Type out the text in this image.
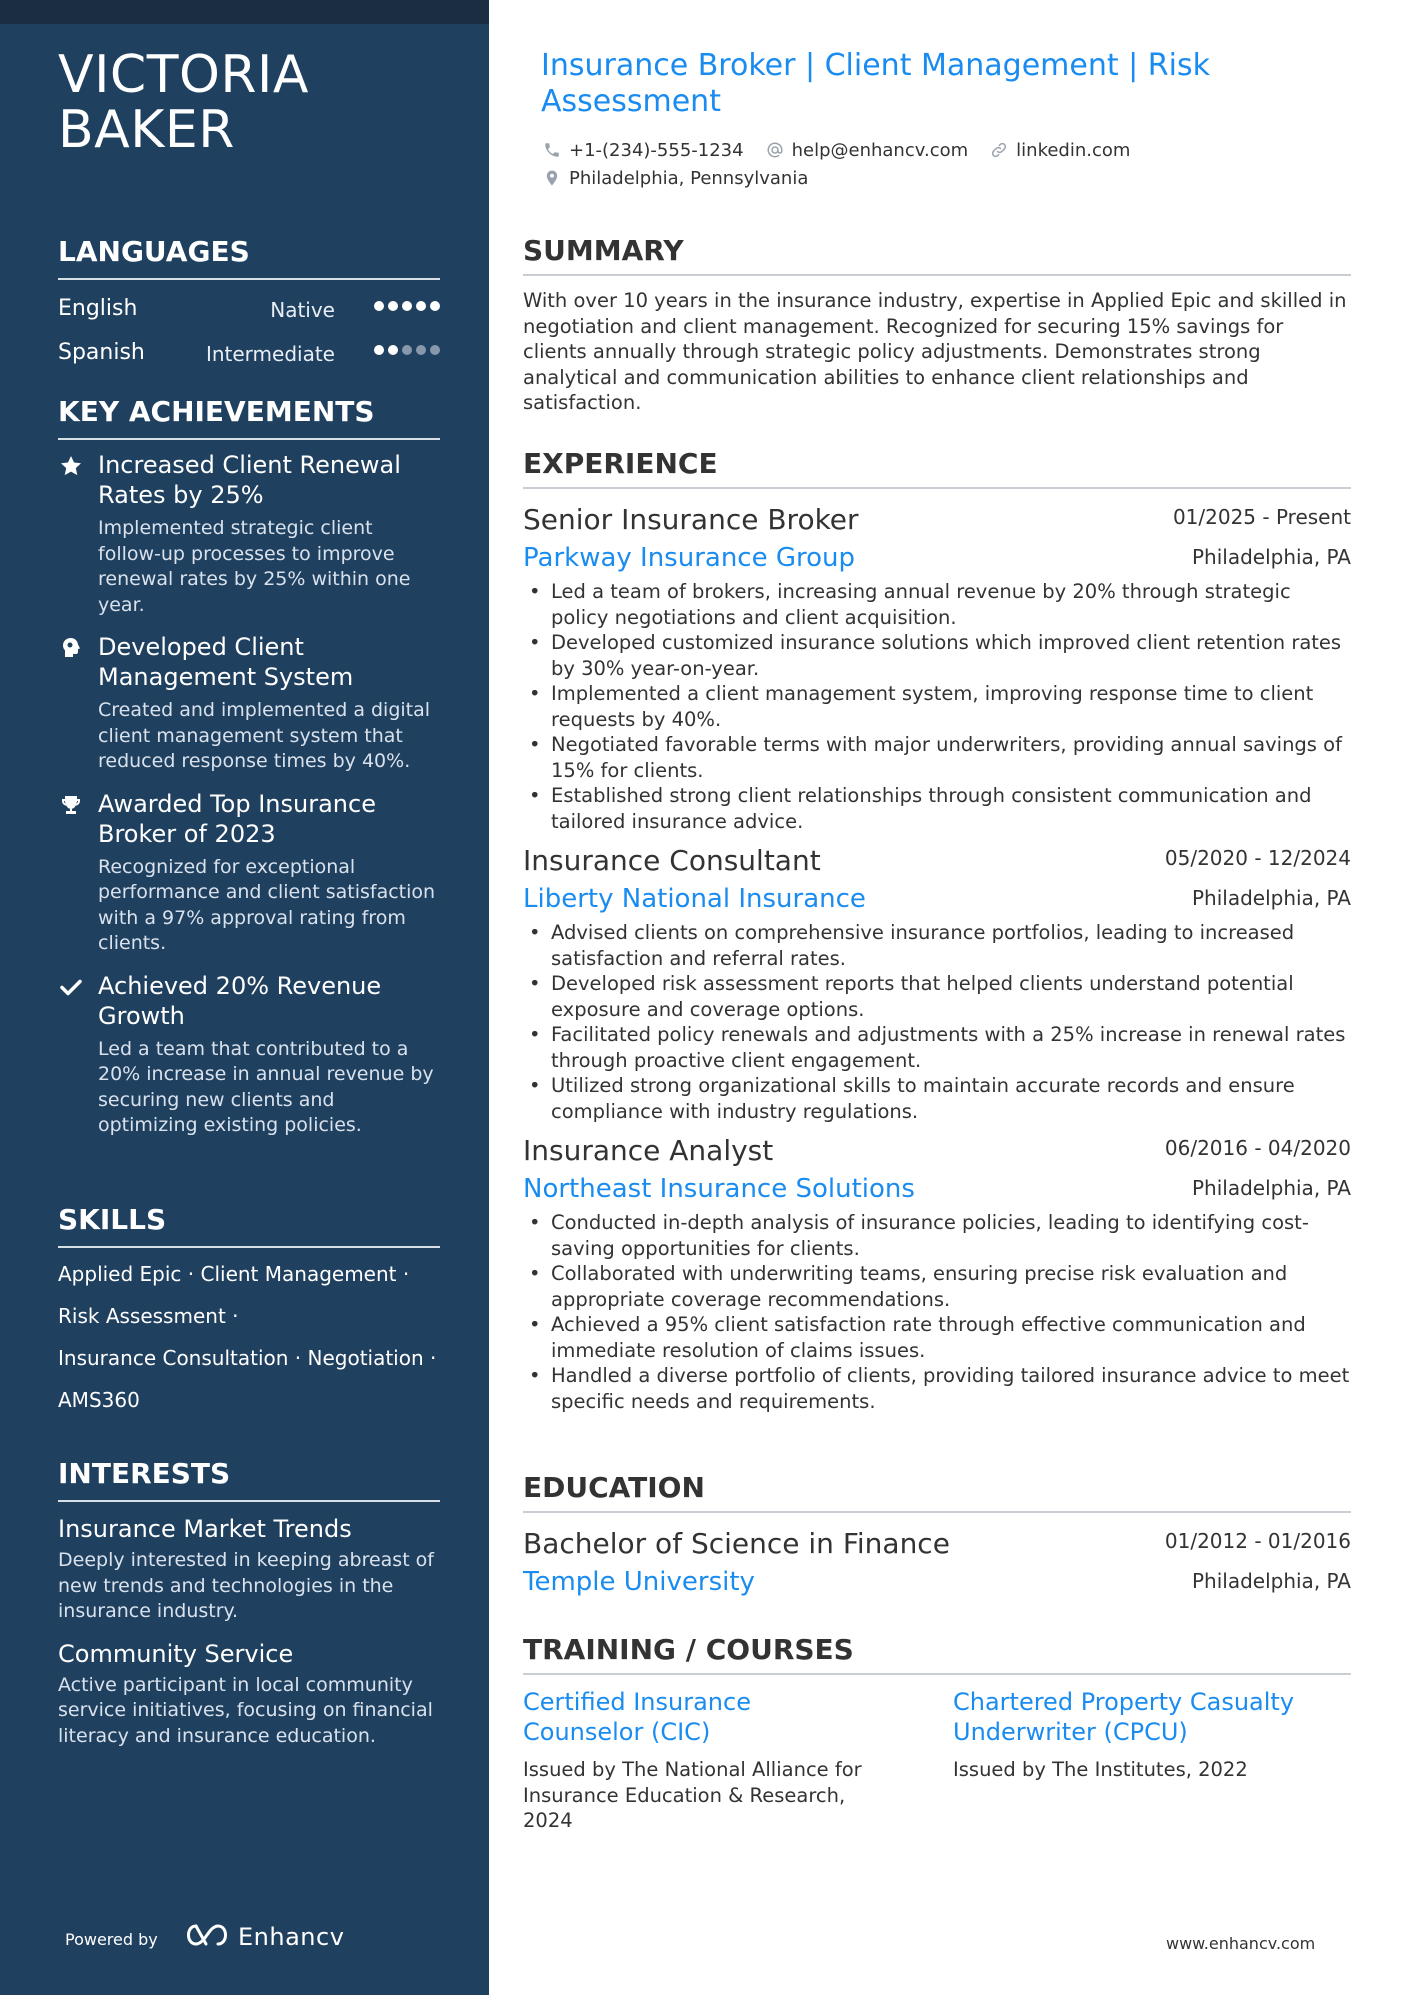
VICTORIA
BAKER
LANGUAGES
English	Native
Spanish	Intermediate
KEY ACHIEVEMENTS
Increased Client Renewal Rates by 25%
Implemented strategic client follow-up processes to improve renewal rates by 25% within one year.
Developed Client Management System
Created and implemented a digital client management system that reduced response times by 40%.
Awarded Top Insurance Broker of 2023
Recognized for exceptional performance and client satisfaction with a 97% approval rating from clients.
Achieved 20% Revenue Growth
Led a team that contributed to a 20% increase in annual revenue by securing new clients and optimizing existing policies.
SKILLS
Applied Epic · Client Management ·
Risk Assessment ·
Insurance Consultation · Negotiation ·
AMS360
INTERESTS
Insurance Market Trends
Deeply interested in keeping abreast of new trends and technologies in the insurance industry.
Community Service
Active participant in local community service initiatives, focusing on financial literacy and insurance education.
Powered by	Enhancv
Insurance Broker | Client Management | Risk
Assessment
+1-(234)-555-1234	help@enhancv.com	linkedin.com
Philadelphia, Pennsylvania
SUMMARY

With over 10 years in the insurance industry, expertise in Applied Epic and skilled in negotiation and client management. Recognized for securing 15% savings for clients annually through strategic policy adjustments. Demonstrates strong analytical and communication abilities to enhance client relationships and satisfaction.

EXPERIENCE
Senior Insurance Broker	01/2025 - Present
Parkway Insurance Group	Philadelphia, PA
• Led a team of brokers, increasing annual revenue by 20% through strategic policy negotiations and client acquisition.
• Developed customized insurance solutions which improved client retention rates by 30% year-on-year.
• Implemented a client management system, improving response time to client requests by 40%.
• Negotiated favorable terms with major underwriters, providing annual savings of 15% for clients.
• Established strong client relationships through consistent communication and tailored insurance advice.
Insurance Consultant	05/2020 - 12/2024
Liberty National Insurance	Philadelphia, PA
• Advised clients on comprehensive insurance portfolios, leading to increased satisfaction and referral rates.
• Developed risk assessment reports that helped clients understand potential exposure and coverage options.
• Facilitated policy renewals and adjustments with a 25% increase in renewal rates through proactive client engagement.
• Utilized strong organizational skills to maintain accurate records and ensure compliance with industry regulations.
Insurance Analyst	06/2016 - 04/2020
Northeast Insurance Solutions	Philadelphia, PA
• Conducted in-depth analysis of insurance policies, leading to identifying cost-saving opportunities for clients.
• Collaborated with underwriting teams, ensuring precise risk evaluation and appropriate coverage recommendations.
• Achieved a 95% client satisfaction rate through effective communication and immediate resolution of claims issues.
• Handled a diverse portfolio of clients, providing tailored insurance advice to meet specific needs and requirements.
EDUCATION
Bachelor of Science in Finance	01/2012 - 01/2016
Temple University	Philadelphia, PA
TRAINING / COURSES
Certified Insurance Counselor (CIC)
Issued by The National Alliance for Insurance Education & Research, 2024
Chartered Property Casualty Underwriter (CPCU)
Issued by The Institutes, 2022
www.enhancv.com
